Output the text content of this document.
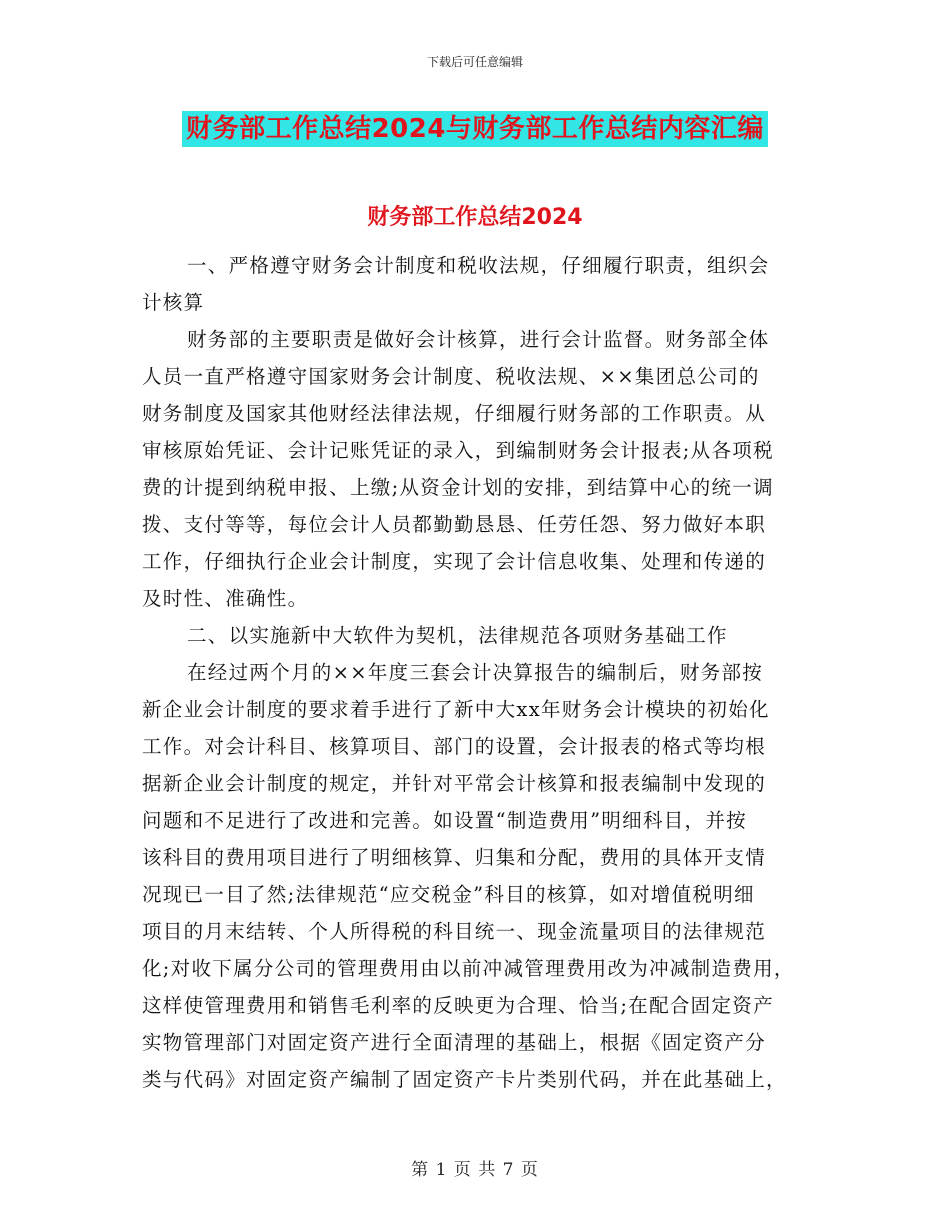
下载后可任意编辑
财务部工作总结2024与财务部工作总结内容汇编
财务部工作总结2024
一、严格遵守财务会计制度和税收法规，仔细履行职责，组织会
计核算
财务部的主要职责是做好会计核算，进行会计监督。财务部全体
人员一直严格遵守国家财务会计制度、税收法规、××集团总公司的
财务制度及国家其他财经法律法规，仔细履行财务部的工作职责。从
审核原始凭证、会计记账凭证的录入，到编制财务会计报表;从各项税
费的计提到纳税申报、上缴;从资金计划的安排，到结算中心的统一调
拨、支付等等，每位会计人员都勤勤恳恳、任劳任怨、努力做好本职
工作，仔细执行企业会计制度，实现了会计信息收集、处理和传递的
及时性、准确性。
二、以实施新中大软件为契机，法律规范各项财务基础工作
在经过两个月的××年度三套会计决算报告的编制后，财务部按
新企业会计制度的要求着手进行了新中大xx年财务会计模块的初始化
工作。对会计科目、核算项目、部门的设置，会计报表的格式等均根
据新企业会计制度的规定，并针对平常会计核算和报表编制中发现的
问题和不足进行了改进和完善。如设置“制造费用”明细科目，并按
该科目的费用项目进行了明细核算、归集和分配，费用的具体开支情
况现已一目了然;法律规范“应交税金”科目的核算，如对增值税明细
项目的月末结转、个人所得税的科目统一、现金流量项目的法律规范
化;对收下属分公司的管理费用由以前冲减管理费用改为冲减制造费用，
这样使管理费用和销售毛利率的反映更为合理、恰当;在配合固定资产
实物管理部门对固定资产进行全面清理的基础上，根据《固定资产分
类与代码》对固定资产编制了固定资产卡片类别代码，并在此基础上，
第 1 页 共 7 页
